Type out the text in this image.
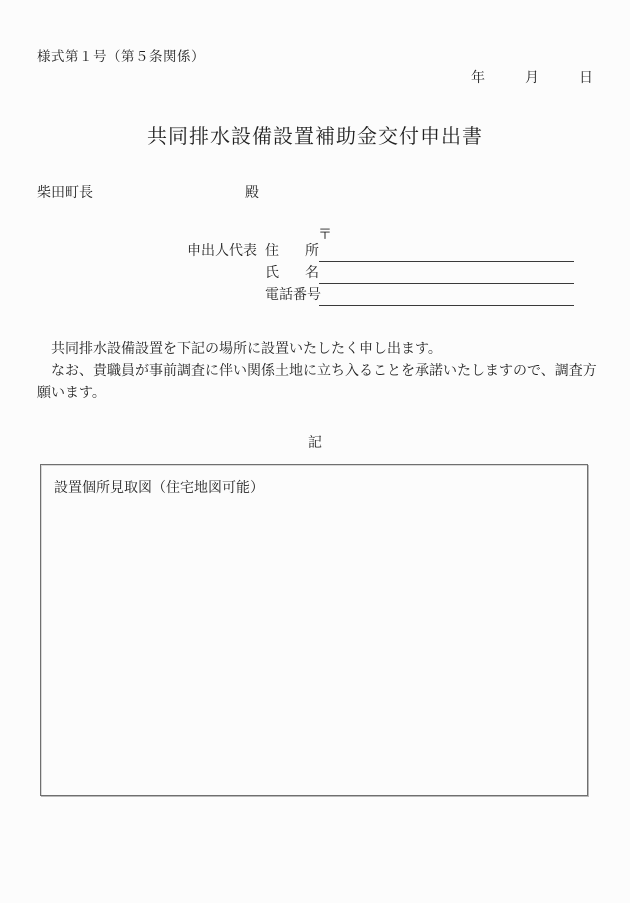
様式第１号（第５条関係）
年	月	日
共同排水設備設置補助金交付申出書
柴田町長	殿
〒
申出人代表 住 所
氏 名
電話番号

共同排水設備設置を下記の場所に設置いたしたく申し出ます。

なお、貴職員が事前調査に伴い関係土地に立ち入ることを承諾いたしますので、調査方願います。

記
設置個所見取図（住宅地図可能）
